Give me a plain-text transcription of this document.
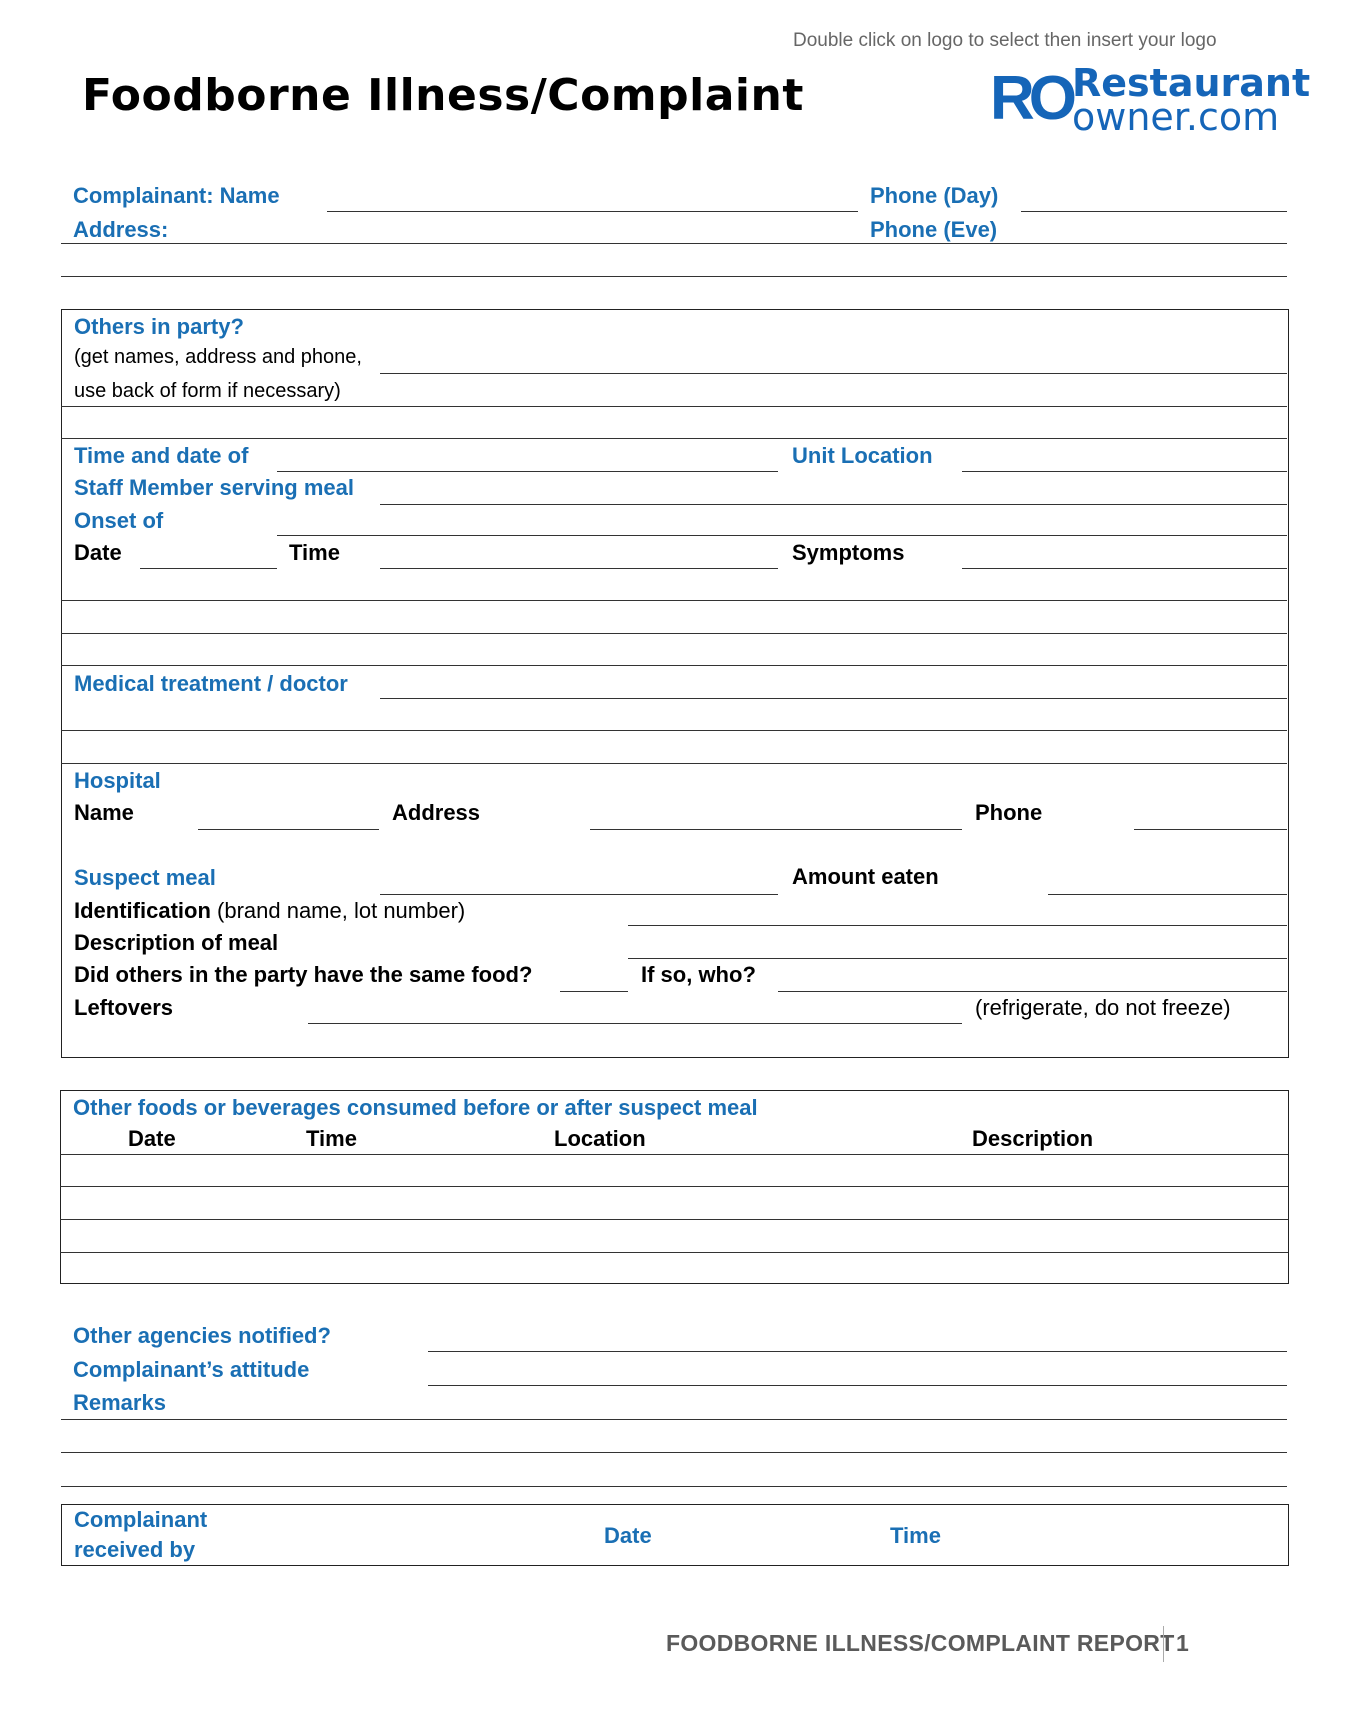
Double click on logo to select then insert your logo
Foodborne Illness/Complaint	RO Restaurant
owner.com
Complainant: Name	Phone (Day)
Address:	Phone (Eve)
Others in party?
(get names, address and phone,
use back of form if necessary)
Time and date of	Unit Location
Staff Member serving meal
Onset of
Date	Time	Symptoms
Medical treatment / doctor
Hospital
Name	Address	Phone
Suspect meal	Amount eaten
Identification (brand name, lot number)
Description of meal
Did others in the party have the same food?	If so, who?
Leftovers	(refrigerate, do not freeze)
Other foods or beverages consumed before or after suspect meal
Date	Time	Location	Description
Other agencies notified?
Complainant’s attitude
Remarks
Complainant
received by
Date	Time
FOODBORNE ILLNESS/COMPLAINT REPORT 1
